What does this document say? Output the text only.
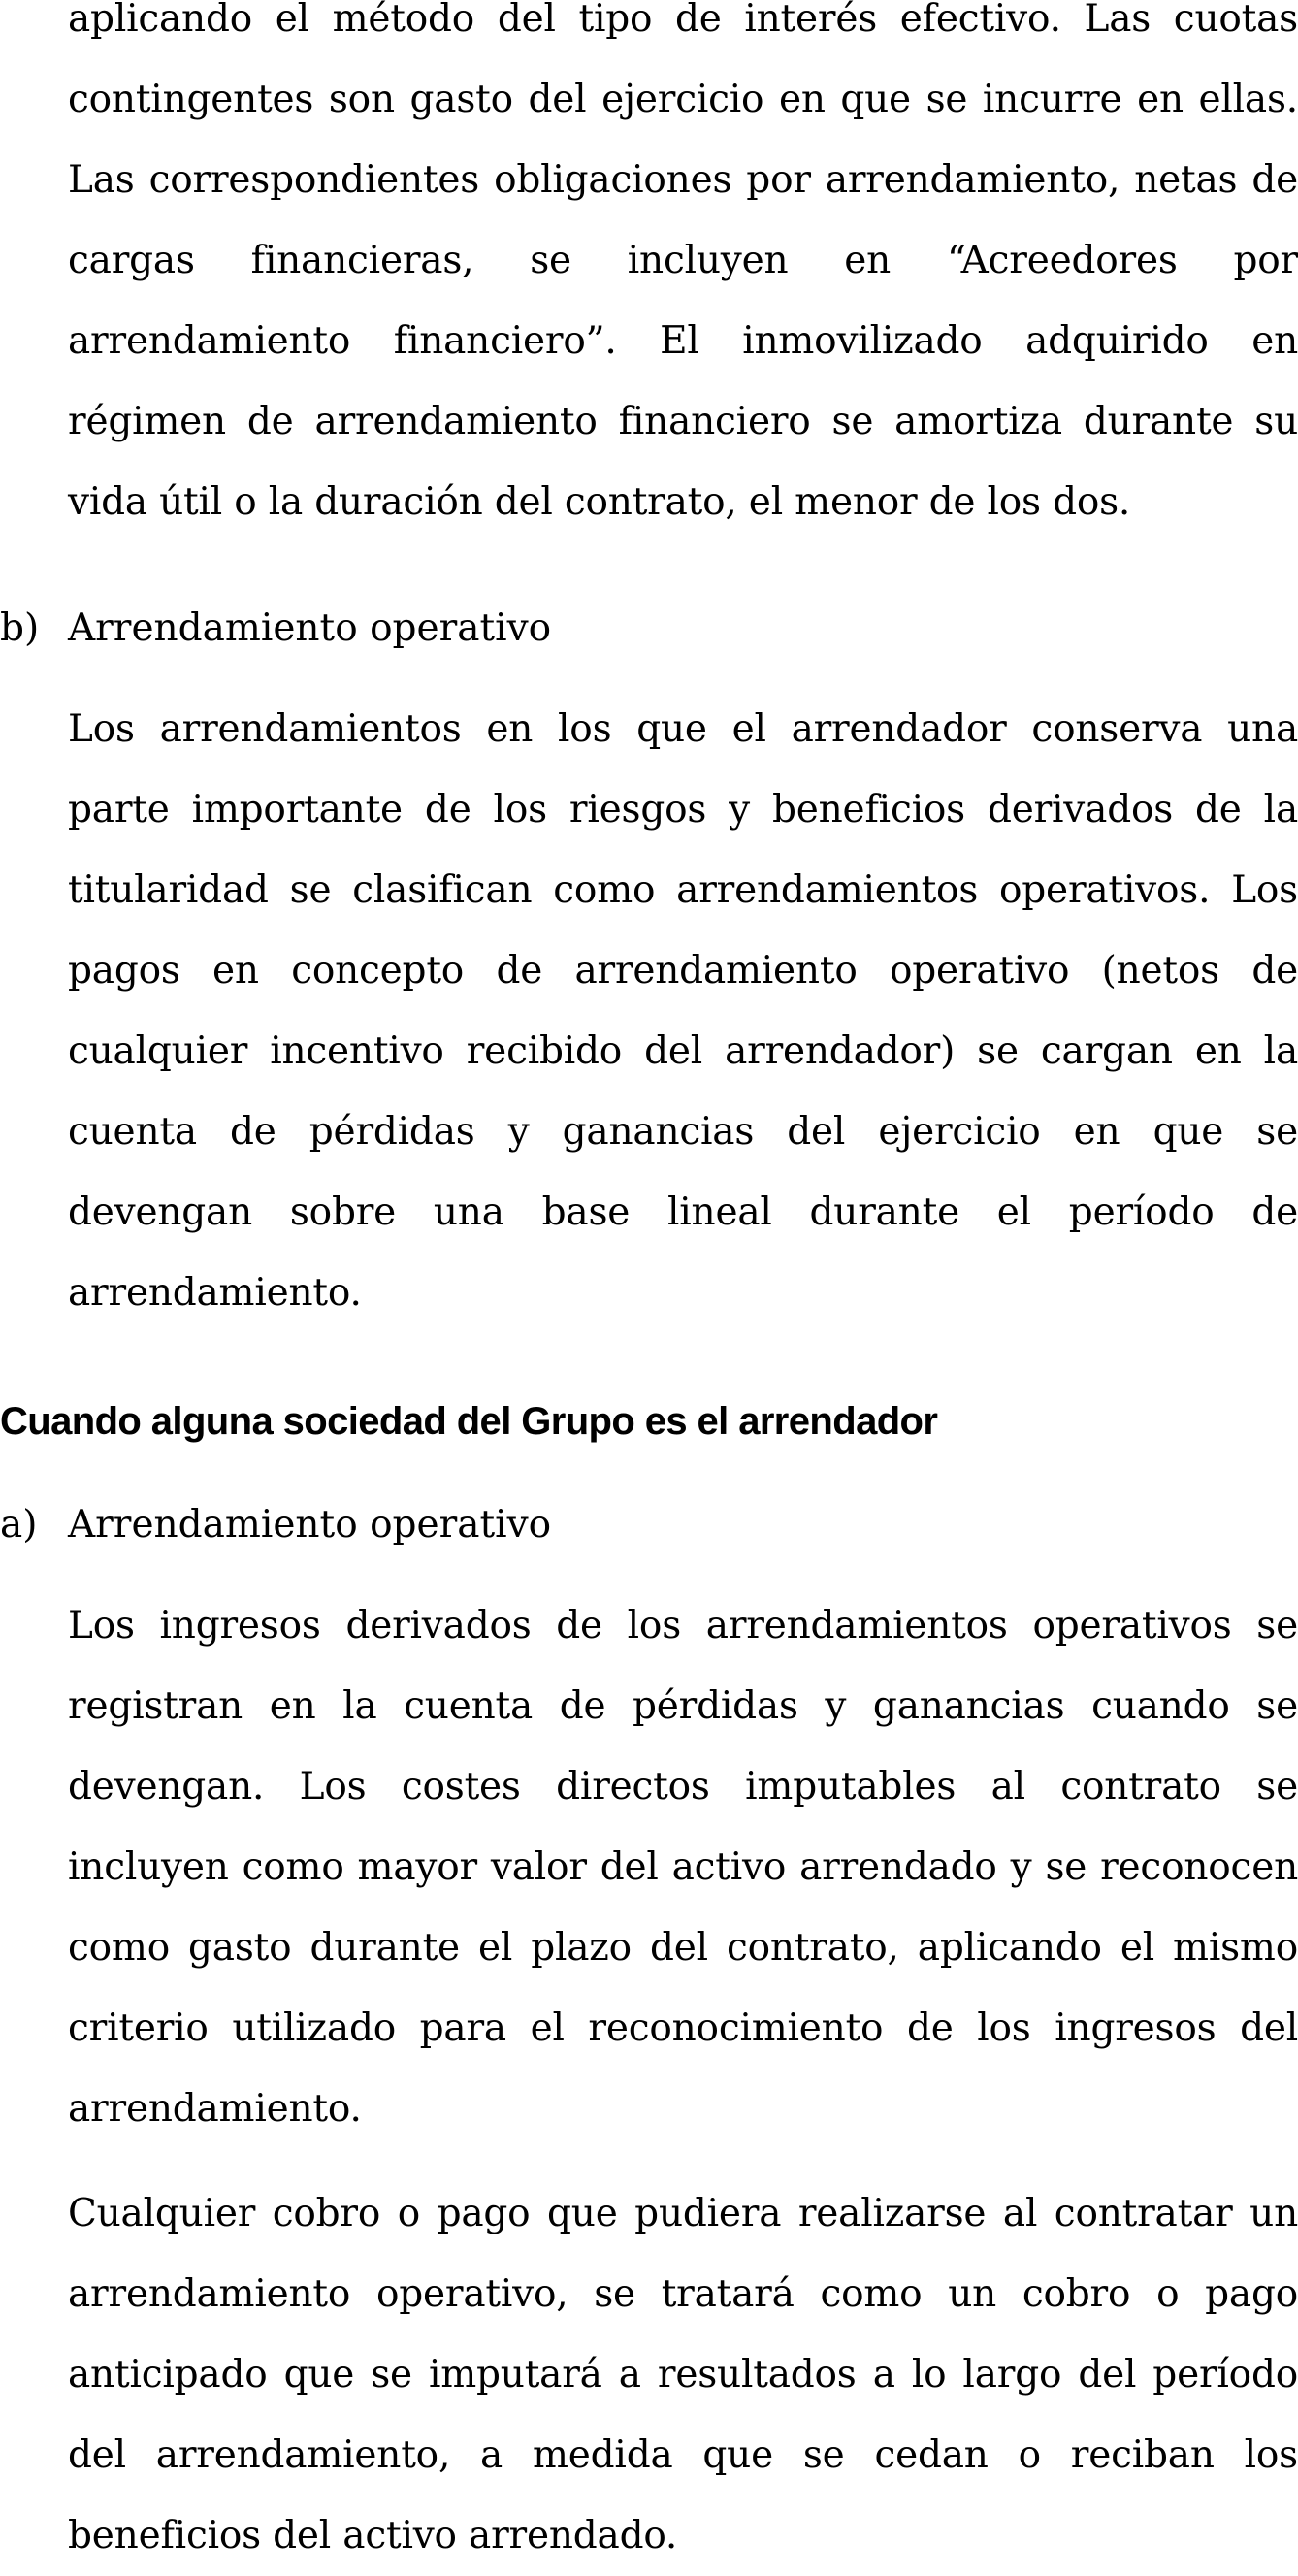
aplicando el método del tipo de interés efectivo. Las cuotas contingentes son gasto del ejercicio en que se incurre en ellas. Las correspondientes obligaciones por arrendamiento, netas de cargas financieras, se incluyen en “Acreedores por arrendamiento financiero”. El inmovilizado adquirido en régimen de arrendamiento financiero se amortiza durante su vida útil o la duración del contrato, el menor de los dos.

b) Arrendamiento operativo

Los arrendamientos en los que el arrendador conserva una parte importante de los riesgos y beneficios derivados de la titularidad se clasifican como arrendamientos operativos. Los pagos en concepto de arrendamiento operativo (netos de cualquier incentivo recibido del arrendador) se cargan en la cuenta de pérdidas y ganancias del ejercicio en que se devengan sobre una base lineal durante el período de arrendamiento.

Cuando alguna sociedad del Grupo es el arrendador
a) Arrendamiento operativo

Los ingresos derivados de los arrendamientos operativos se registran en la cuenta de pérdidas y ganancias cuando se devengan. Los costes directos imputables al contrato se incluyen como mayor valor del activo arrendado y se reconocen como gasto durante el plazo del contrato, aplicando el mismo criterio utilizado para el reconocimiento de los ingresos del arrendamiento.

Cualquier cobro o pago que pudiera realizarse al contratar un arrendamiento operativo, se tratará como un cobro o pago anticipado que se imputará a resultados a lo largo del período del arrendamiento, a medida que se cedan o reciban los beneficios del activo arrendado.
